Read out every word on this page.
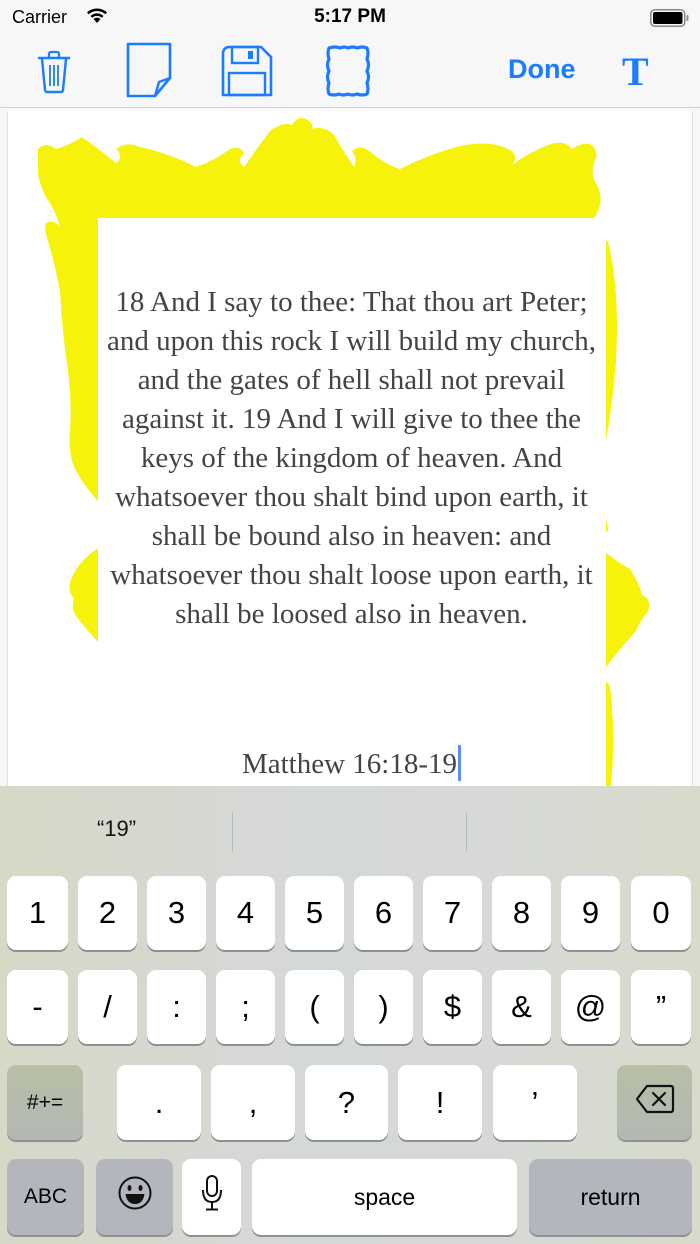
Carrier	5:17 PM
Done T
18 And I say to thee: That thou art Peter; and upon this rock I will build my church, and the gates of hell shall not prevail against it. 19 And I will give to thee the keys of the kingdom of heaven. And whatsoever thou shalt bind upon earth, it shall be bound also in heaven: and whatsoever thou shalt loose upon earth, it shall be loosed also in heaven.
Matthew 16:18-19
“19”
1	2	3	4	5	6	7	8	9	0
-	/	:	;	(	)	$	&	@	”
#+=	.	,	?	!	’
ABC	space	return
